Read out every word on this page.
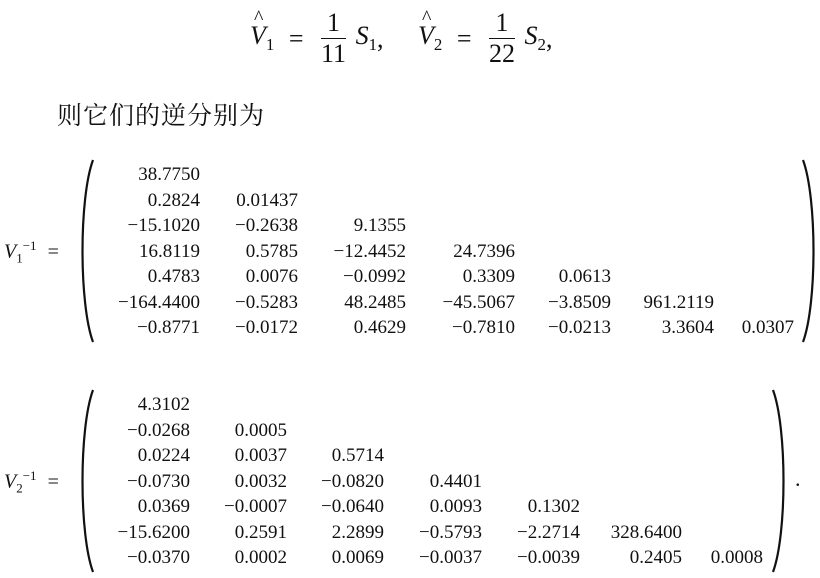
^ $V_1 = \frac{1}{11} S_1$, ^ $V_2 = \frac{1}{22} S_2$,
则它们的逆分别为
$V_1^{-1}$ =
38.7750
0.2824	0.01437
−15.1020	−0.2638	9.1355
16.8119	0.5785	−12.4452	24.7396
0.4783	0.0076	−0.0992	0.3309	0.0613
−164.4400	−0.5283	48.2485	−45.5067	−3.8509	961.2119
−0.8771	−0.0172	0.4629	−0.7810	−0.0213	3.3604	0.0307
$V_2^{-1}$ =
4.3102
−0.0268	0.0005
0.0224	0.0037	0.5714
−0.0730	0.0032	−0.0820	0.4401
0.0369	−0.0007	−0.0640	0.0093	0.1302
−15.6200	0.2591	2.2899	−0.5793	−2.2714	328.6400
−0.0370	0.0002	0.0069	−0.0037	−0.0039	0.2405	0.0008
.
